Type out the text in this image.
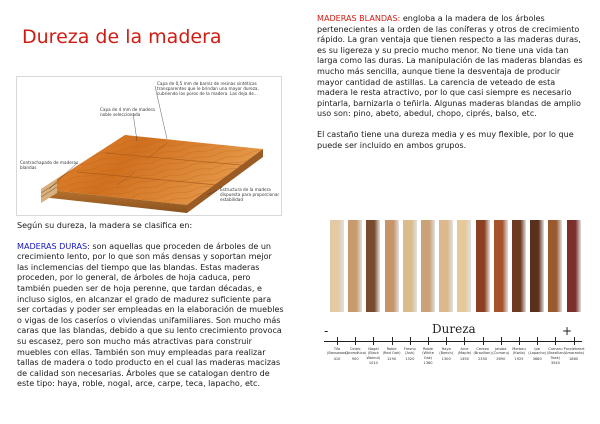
Dureza de la madera
Capa de 0,5 mm de barniz de resinas sintéticas transparentes que le brindan una mayor dureza, cubriendo los poros de la madera. Las deja de...
Capa de 4 mm de madera noble seleccionada
Contrachapado de maderas blandas
Estructura de la madera dispuesta para proporcionar estabilidad

Según su dureza, la madera se clasifica en:

MADERAS DURAS: son aquellas que proceden de árboles de un crecimiento lento, por lo que son más densas y soportan mejor las inclemencias del tiempo que las blandas. Estas maderas proceden, por lo general, de árboles de hoja caduca, pero también pueden ser de hoja perenne, que tardan décadas, e incluso siglos, en alcanzar el grado de madurez suficiente para ser cortadas y poder ser empleadas en la elaboración de muebles o vigas de los caseríos o viviendas unifamiliares. Son mucho más caras que las blandas, debido a que su lento crecimiento provoca su escasez, pero son mucho más atractivas para construir muebles con ellas. También son muy empleadas para realizar tallas de madera o todo producto en el cual las maderas macizas de calidad son necesarias. Árboles que se catalogan dentro de este tipo: haya, roble, nogal, arce, carpe, teca, lapacho, etc.

MADERAS BLANDAS: engloba a la madera de los árboles pertenecientes a la orden de las coníferas y otros de crecimiento rápido. La gran ventaja que tienen respecto a las maderas duras, es su ligereza y su precio mucho menor. No tiene una vida tan larga como las duras. La manipulación de las maderas blandas es mucho más sencilla, aunque tiene la desventaja de producir mayor cantidad de astillas. La carencia de veteado de esta madera le resta atractivo, por lo que casi siempre es necesario pintarla, barnizarla o teñirla. Algunas maderas blandas de amplio uso son: pino, abeto, abedul, chopo, ciprés, balso, etc.

El castaño tiene una dureza media y es muy flexible, por lo que puede ser incluido en ambos grupos.

-	Dureza	+
Tilo
(Basswood)
410
Cedro
(Aromático)
900
Nogal
(Black Walnut)
1010
Roble
(Red Oak)
1290
Fresno
(Ash)
1320
Roble
(White Oak)
1360
Haya
(Beech)
1300
Arce
(Maple)
1450
Cerezo
(Brazilian)
2350
Jatoba
(Cumaru)
2690
Merbau
(Kwila)
1925
Ipe
(Lapacho)
3680
Cumaru
(Brazilian Teak)
3540
Purpleheart
(Amaranto)
1860
